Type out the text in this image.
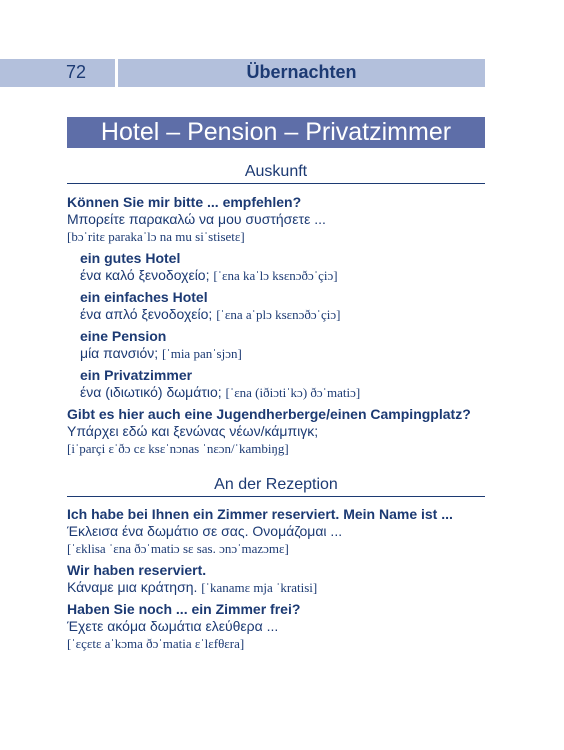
72	Übernachten
Hotel – Pension – Privatzimmer
Auskunft
Können Sie mir bitte ... empfehlen?
Μπορείτε παρακαλώ να μου συστήσετε ...
[bɔˈritɛ parakaˈlɔ na mu siˈstisetɛ]
ein gutes Hotel
ένα καλό ξενοδοχείο; [ˈɛna kaˈlɔ ksɛnɔðɔˈçiɔ]
ein einfaches Hotel
ένα απλό ξενοδοχείο; [ˈɛna aˈplɔ ksɛnɔðɔˈçiɔ]
eine Pension
μία πανσιόν; [ˈmia panˈsjɔn]
ein Privatzimmer
ένα (ιδιωτικό) δωμάτιο; [ˈɛna (iðiɔtiˈkɔ) ðɔˈmatiɔ]
Gibt es hier auch eine Jugendherberge/einen Campingplatz?
Υπάρχει εδώ και ξενώνας νέων/κάμπιγκ;
[iˈparçi ɛˈðɔ cɛ ksɛˈnɔnas ˈnɛɔn/ˈkambiŋg]
An der Rezeption
Ich habe bei Ihnen ein Zimmer reserviert. Mein Name ist ...
Έκλεισα ένα δωμάτιο σε σας. Ονομάζομαι ...
[ˈɛklisa ˈɛna ðɔˈmatiɔ sɛ sas. ɔnɔˈmazɔmɛ]
Wir haben reserviert.
Κάναμε μια κράτηση. [ˈkanamɛ mja ˈkratisi]
Haben Sie noch ... ein Zimmer frei?
Έχετε ακόμα δωμάτια ελεύθερα ...
[ˈɛçɛtɛ aˈkɔma ðɔˈmatia ɛˈlɛfθɛra]
